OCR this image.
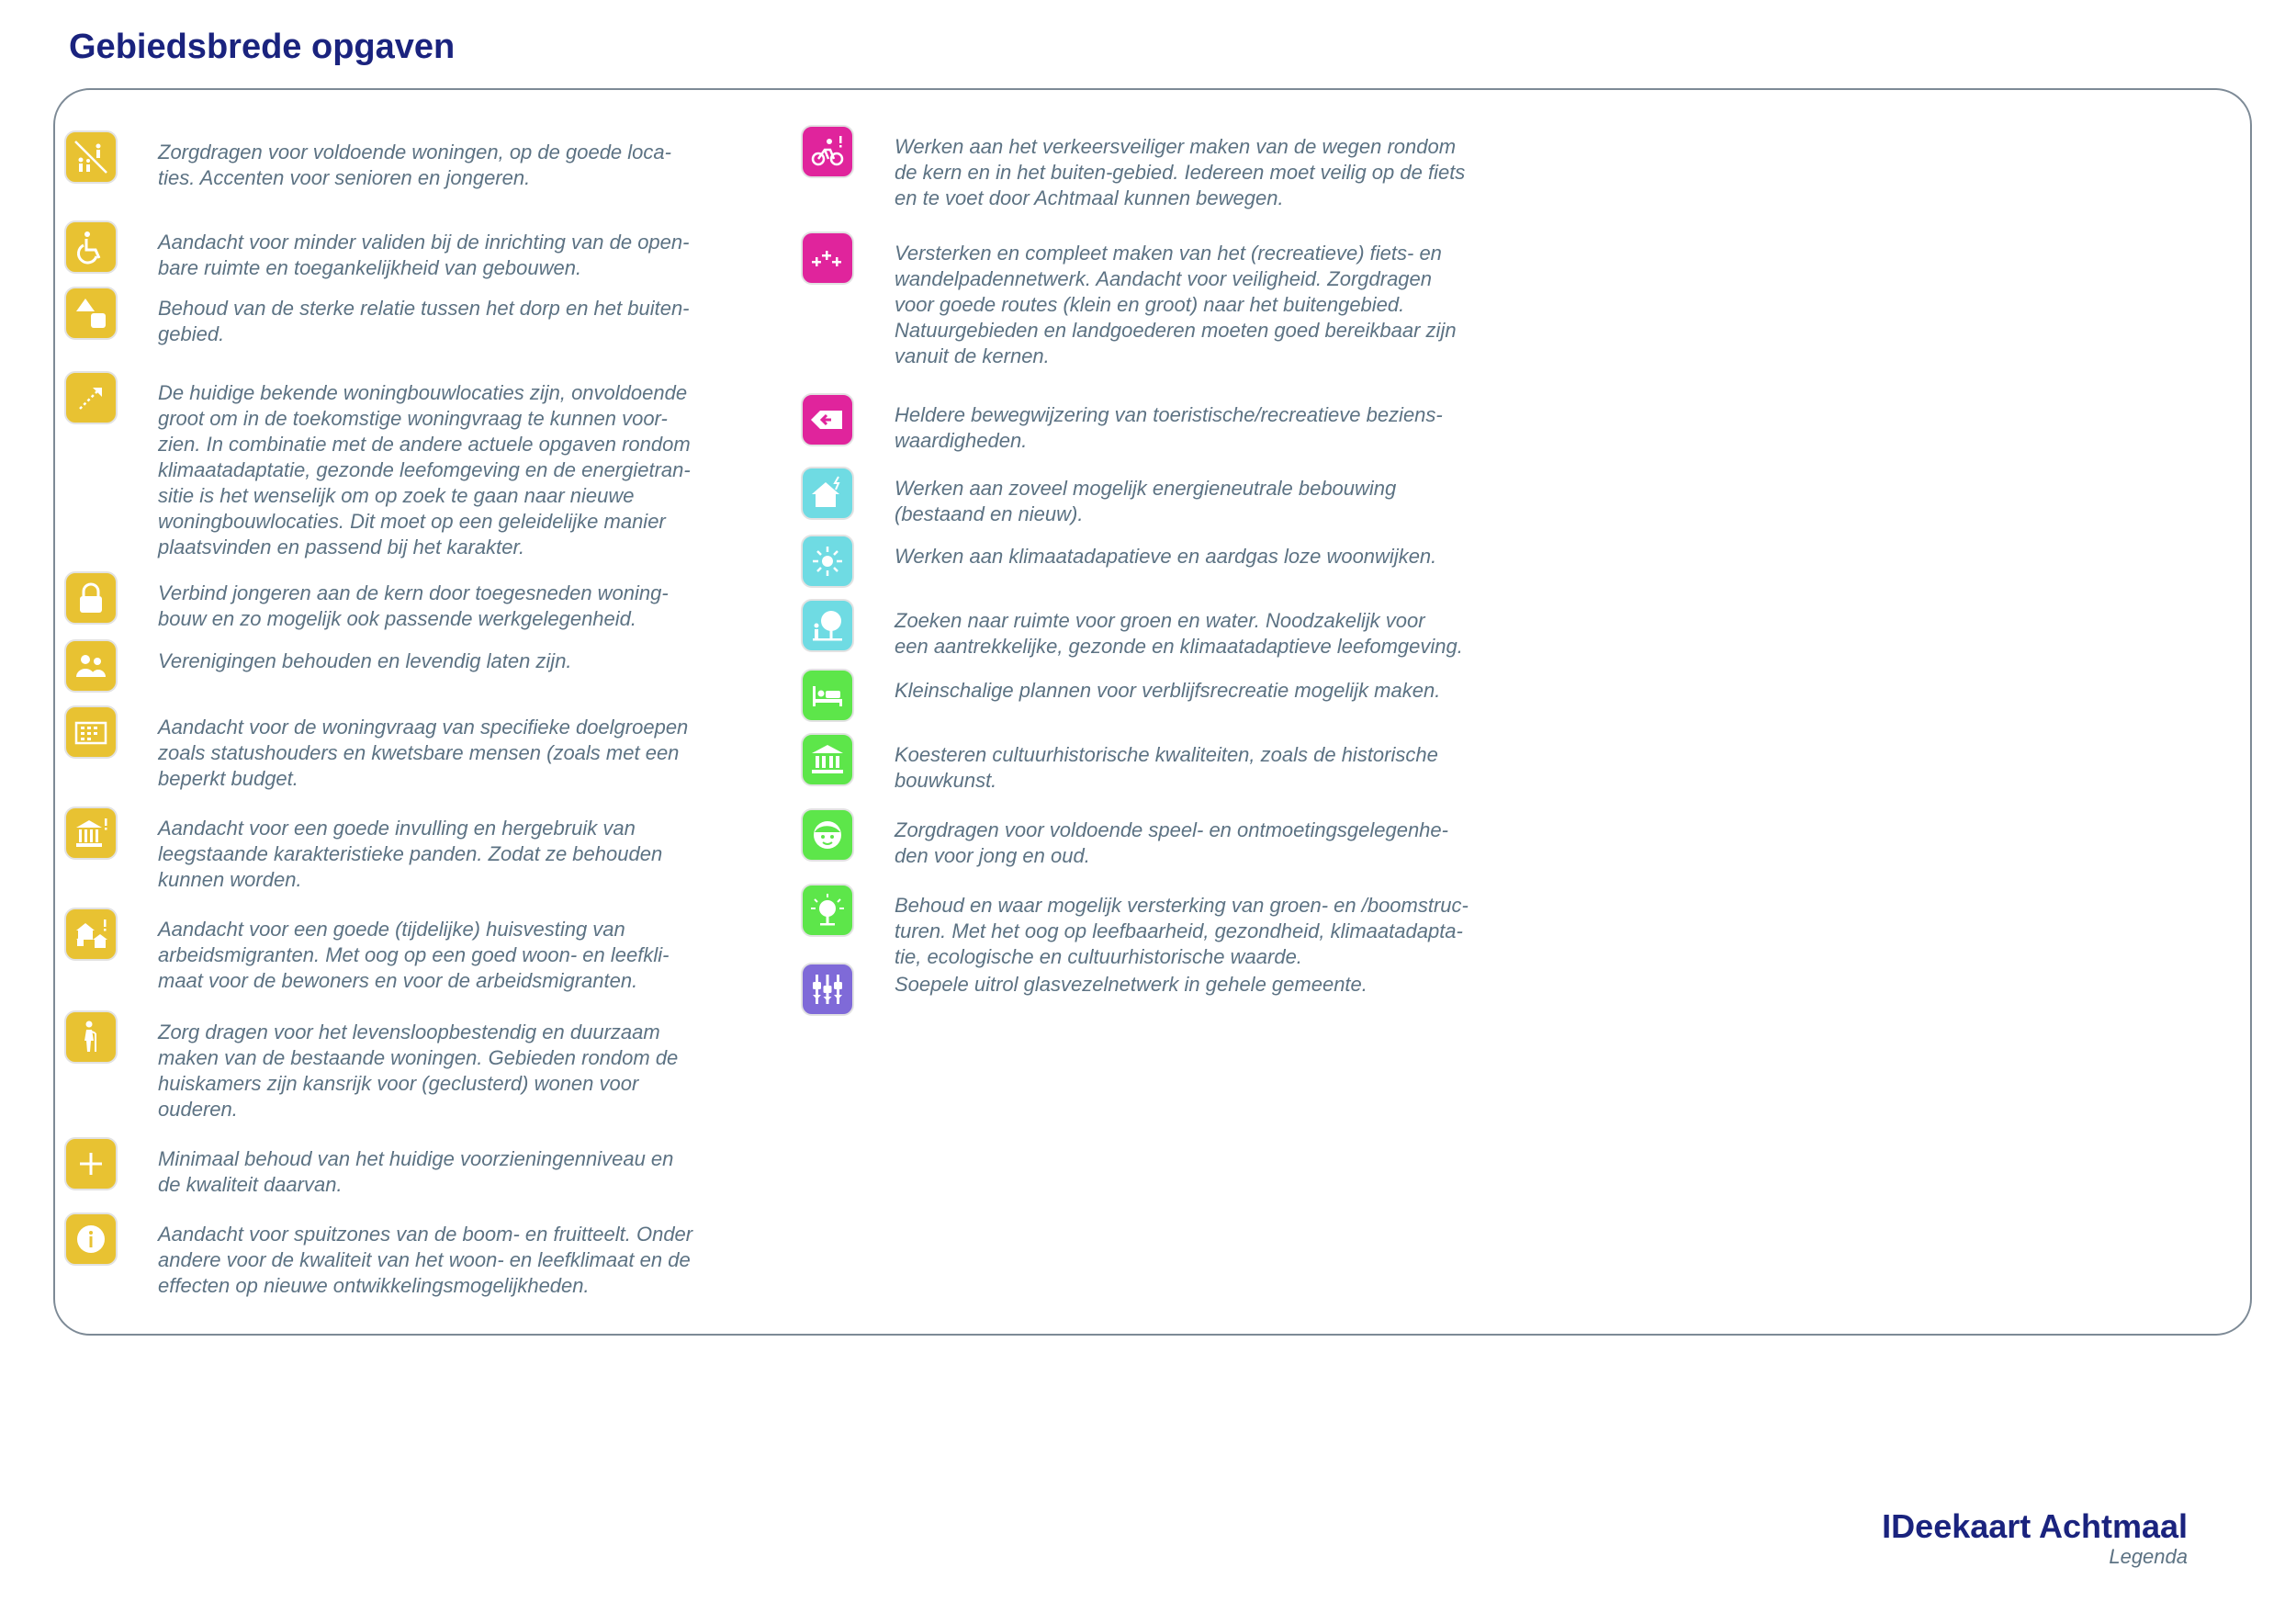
Gebiedsbrede opgaven
Zorgdragen voor voldoende woningen, op de goede loca-
ties. Accenten voor senioren en jongeren.
Aandacht voor minder validen bij de inrichting van de open-
bare ruimte en toegankelijkheid van gebouwen.
Behoud van de sterke relatie tussen het dorp en het buiten-
gebied.
De huidige bekende woningbouwlocaties zijn, onvoldoende
groot om in de toekomstige woningvraag te kunnen voor-
zien. In combinatie met de andere actuele opgaven rondom
klimaatadaptatie, gezonde leefomgeving en de energietran-
sitie is het wenselijk om op zoek te gaan naar nieuwe
woningbouwlocaties. Dit moet op een geleidelijke manier
plaatsvinden en passend bij het karakter.
Verbind jongeren aan de kern door toegesneden woning-
bouw en zo mogelijk ook passende werkgelegenheid.
Verenigingen behouden en levendig laten zijn.
Aandacht voor de woningvraag van specifieke doelgroepen
zoals statushouders en kwetsbare mensen (zoals met een
beperkt budget.
Aandacht voor een goede invulling en hergebruik van
leegstaande karakteristieke panden. Zodat ze behouden
kunnen worden.
Aandacht voor een goede (tijdelijke) huisvesting van
arbeidsmigranten. Met oog op een goed woon- en leefkli-
maat voor de bewoners en voor de arbeidsmigranten.
Zorg dragen voor het levensloopbestendig en duurzaam
maken van de bestaande woningen. Gebieden rondom de
huiskamers zijn kansrijk voor (geclusterd) wonen voor
ouderen.
Minimaal behoud van het huidige voorzieningenniveau en
de kwaliteit daarvan.
Aandacht voor spuitzones van de boom- en fruitteelt. Onder
andere voor de kwaliteit van het woon- en leefklimaat en de
effecten op nieuwe ontwikkelingsmogelijkheden.
Werken aan het verkeersveiliger maken van de wegen rondom
de kern en in het buiten-gebied. Iedereen moet veilig op de fiets
en te voet door Achtmaal kunnen bewegen.
Versterken en compleet maken van het (recreatieve) fiets- en
wandelpadennetwerk. Aandacht voor veiligheid. Zorgdragen
voor goede routes (klein en groot) naar het buitengebied.
Natuurgebieden en landgoederen moeten goed bereikbaar zijn
vanuit de kernen.
Heldere bewegwijzering van toeristische/recreatieve beziens-
waardigheden.
Werken aan zoveel mogelijk energieneutrale bebouwing
(bestaand en nieuw).
Werken aan klimaatadapatieve en aardgas loze woonwijken.
Zoeken naar ruimte voor groen en water. Noodzakelijk voor
een aantrekkelijke, gezonde en klimaatadaptieve leefomgeving.
Kleinschalige plannen voor verblijfsrecreatie mogelijk maken.
Koesteren cultuurhistorische kwaliteiten, zoals de historische
bouwkunst.
Zorgdragen voor voldoende speel- en ontmoetingsgelegenhe-
den voor jong en oud.
Behoud en waar mogelijk versterking van groen- en /boomstruc-
turen. Met het oog op leefbaarheid, gezondheid, klimaatadapta-
tie, ecologische en cultuurhistorische waarde.
Soepele uitrol glasvezelnetwerk in gehele gemeente.
IDeekaart Achtmaal
Legenda
